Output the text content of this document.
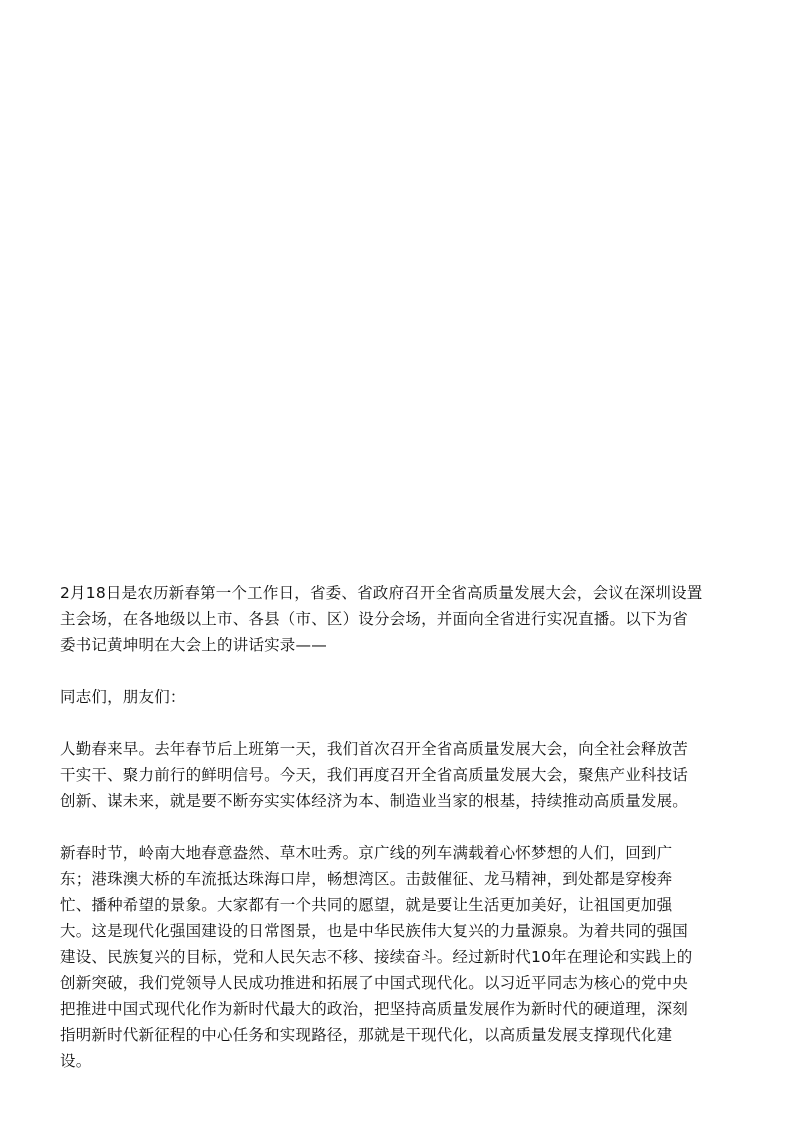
2月18日是农历新春第一个工作日，省委、省政府召开全省高质量发展大会，会议在深圳设置
主会场，在各地级以上市、各县（市、区）设分会场，并面向全省进行实况直播。以下为省
委书记黄坤明在大会上的讲话实录——

同志们，朋友们：

人勤春来早。去年春节后上班第一天，我们首次召开全省高质量发展大会，向全社会释放苦
干实干、聚力前行的鲜明信号。今天，我们再度召开全省高质量发展大会，聚焦产业科技话
创新、谋未来，就是要不断夯实实体经济为本、制造业当家的根基，持续推动高质量发展。

新春时节，岭南大地春意盎然、草木吐秀。京广线的列车满载着心怀梦想的人们，回到广
东；港珠澳大桥的车流抵达珠海口岸，畅想湾区。击鼓催征、龙马精神，到处都是穿梭奔
忙、播种希望的景象。大家都有一个共同的愿望，就是要让生活更加美好，让祖国更加强
大。这是现代化强国建设的日常图景，也是中华民族伟大复兴的力量源泉。为着共同的强国
建设、民族复兴的目标，党和人民矢志不移、接续奋斗。经过新时代10年在理论和实践上的
创新突破，我们党领导人民成功推进和拓展了中国式现代化。以习近平同志为核心的党中央
把推进中国式现代化作为新时代最大的政治，把坚持高质量发展作为新时代的硬道理，深刻
指明新时代新征程的中心任务和实现路径，那就是干现代化，以高质量发展支撑现代化建
设。
